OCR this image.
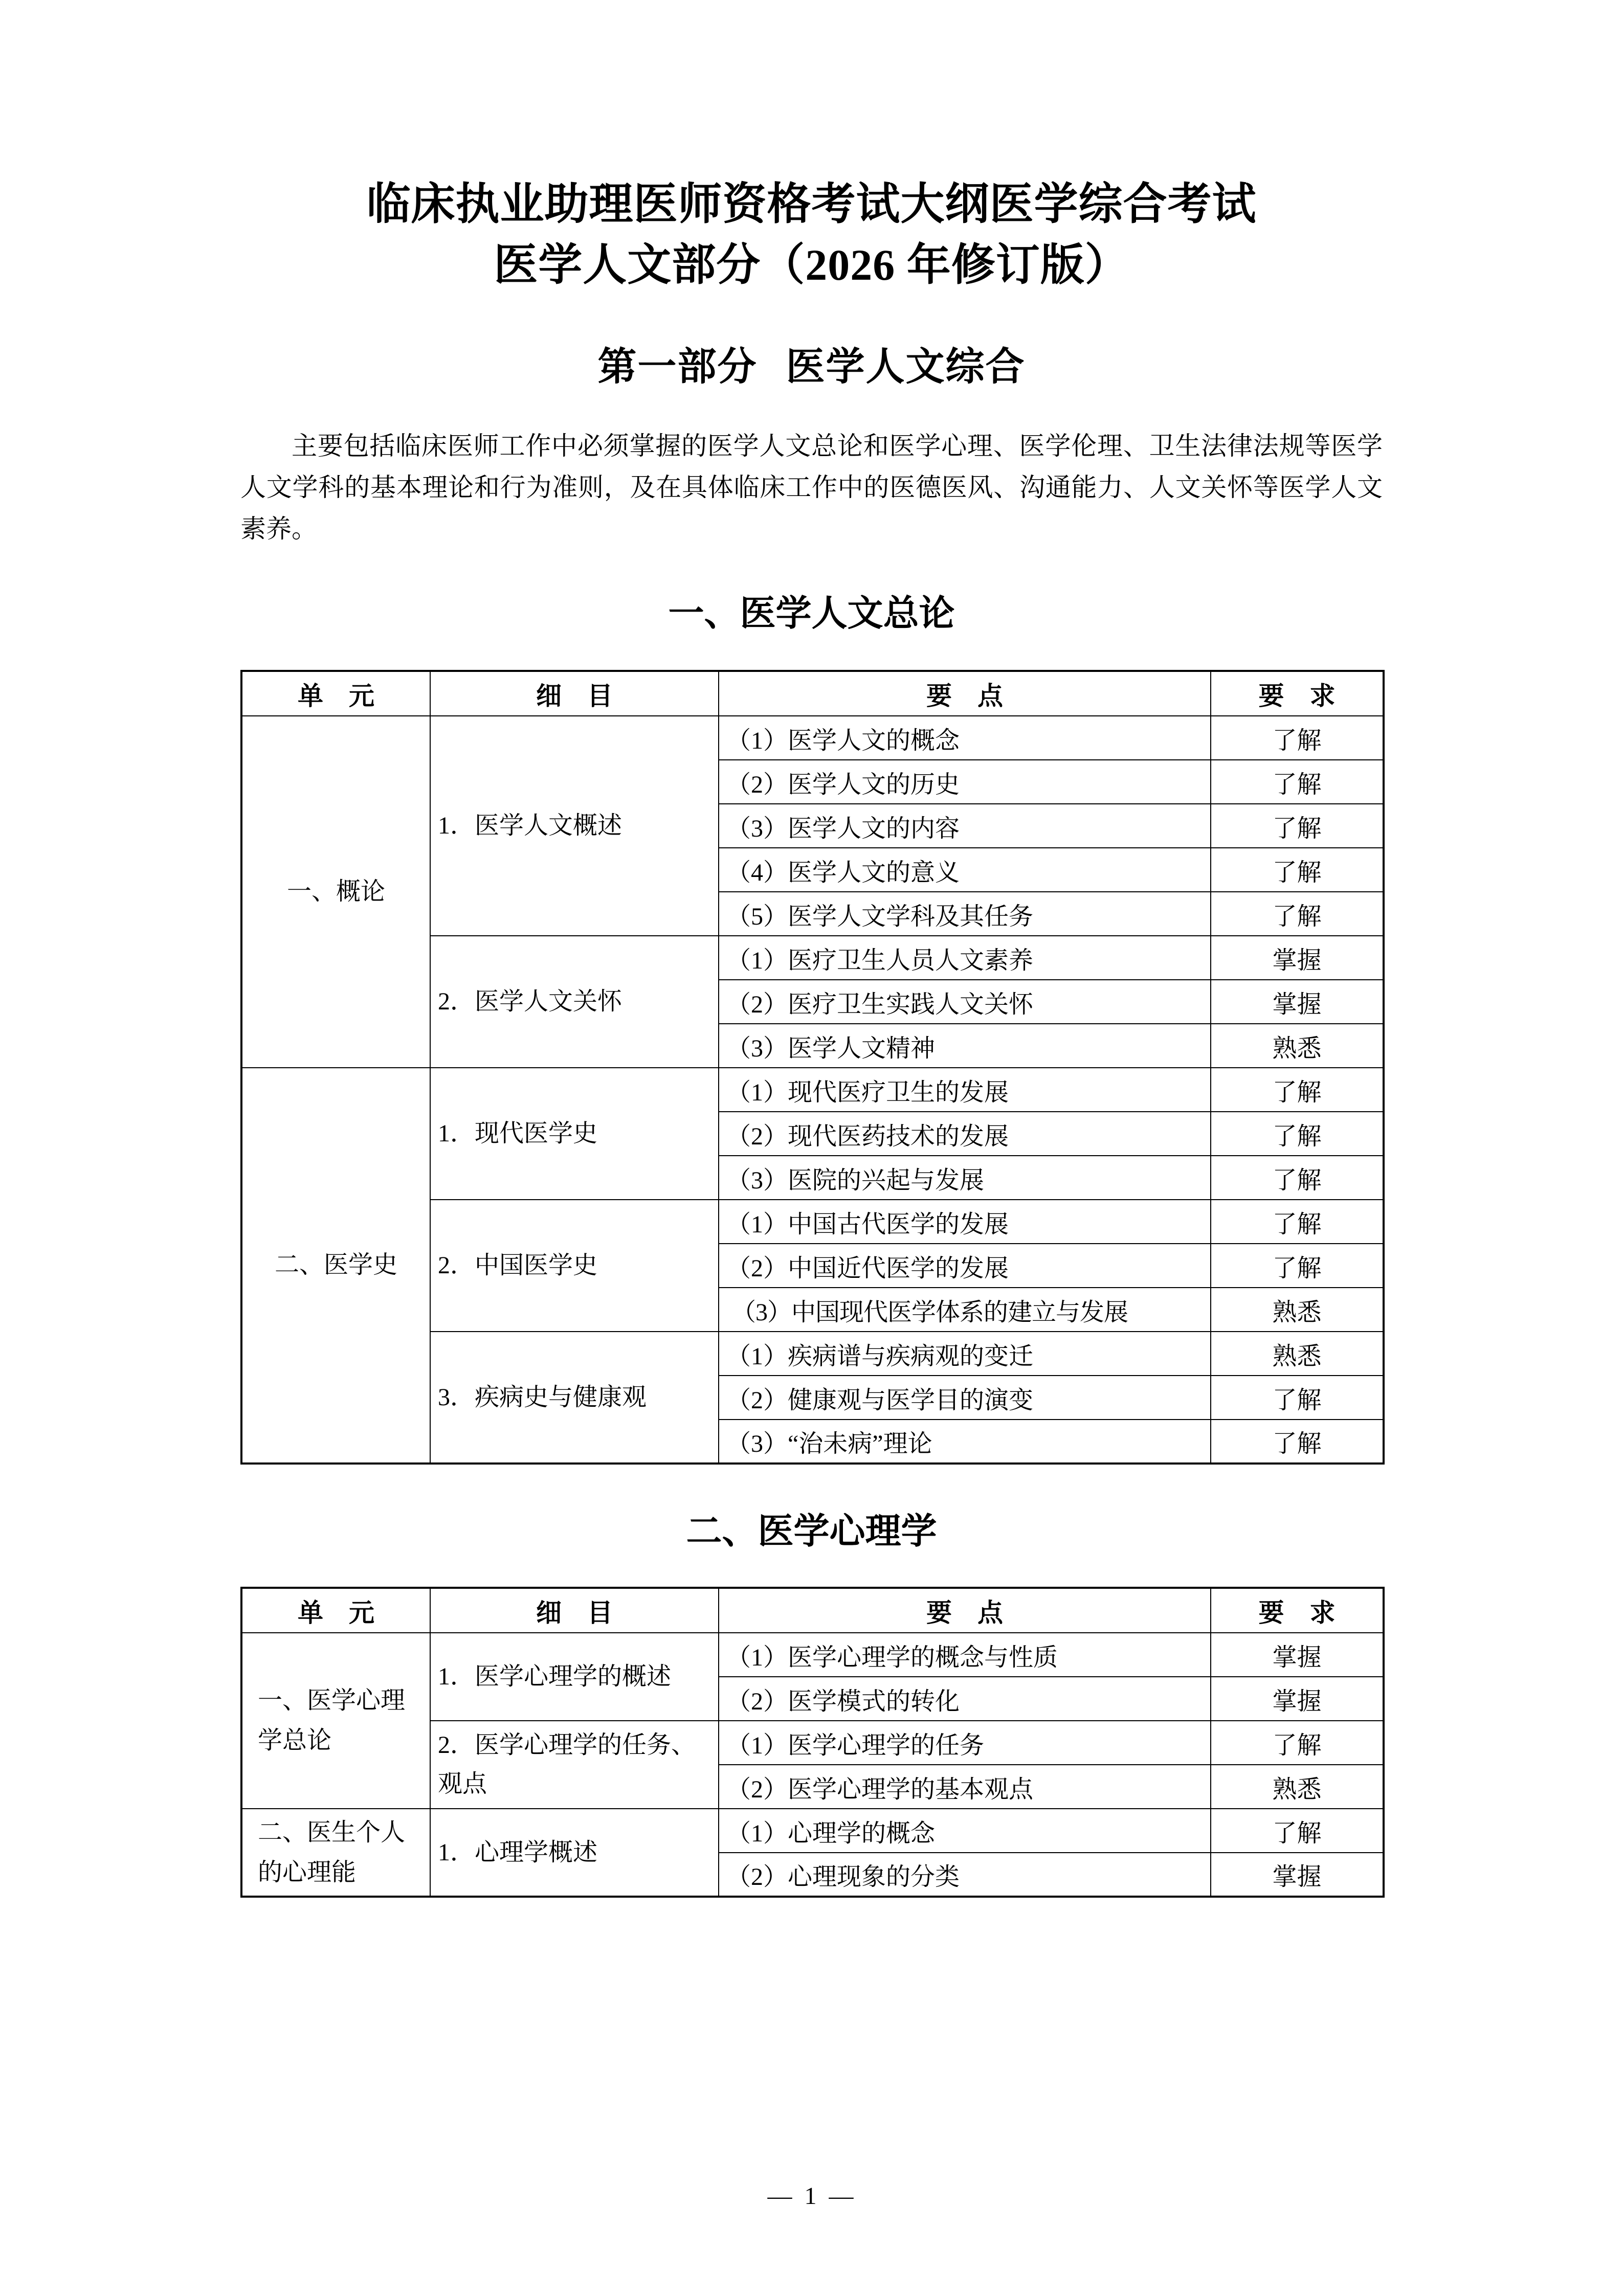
临床执业助理医师资格考试大纲医学综合考试
医学人文部分（2026 年修订版）
第一部分 医学人文综合

主要包括临床医师工作中必须掌握的医学人文总论和医学心理、医学伦理、卫生法律法规等医学人文学科的基本理论和行为准则，及在具体临床工作中的医德医风、沟通能力、人文关怀等医学人文素养。

一、医学人文总论
单　元	细　目	要　点	要　求
一、概论	1．医学人文概述	（1）医学人文的概念	了解
		（2）医学人文的历史	了解
		（3）医学人文的内容	了解
		（4）医学人文的意义	了解
		（5）医学人文学科及其任务	了解
	2．医学人文关怀	（1）医疗卫生人员人文素养	掌握
		（2）医疗卫生实践人文关怀	掌握
		（3）医学人文精神	熟悉
二、医学史	1．现代医学史	（1）现代医疗卫生的发展	了解
		（2）现代医药技术的发展	了解
		（3）医院的兴起与发展	了解
	2．中国医学史	（1）中国古代医学的发展	了解
		（2）中国近代医学的发展	了解
		（3）中国现代医学体系的建立与发展	熟悉
	3．疾病史与健康观	（1）疾病谱与疾病观的变迁	熟悉
		（2）健康观与医学目的演变	了解
		（3）“治未病”理论	了解
二、医学心理学
单　元	细　目	要　点	要　求
一、医学心理学总论	1．医学心理学的概述	（1）医学心理学的概念与性质	掌握
		（2）医学模式的转化	掌握
	2．医学心理学的任务、观点	（1）医学心理学的任务	了解
		（2）医学心理学的基本观点	熟悉
二、医生个人的心理能	1．心理学概述	（1）心理学的概念	了解
		（2）心理现象的分类	掌握
— 1 —
